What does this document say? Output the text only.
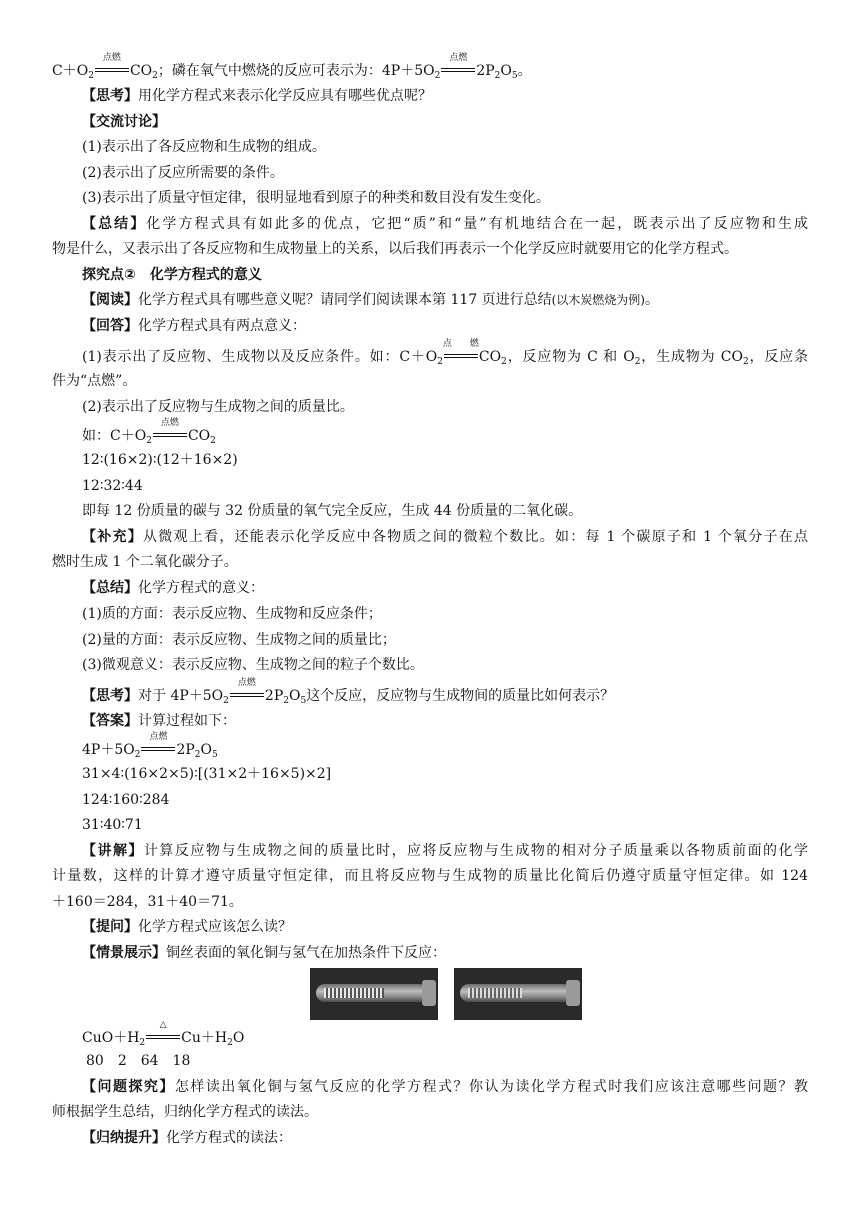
$C+O_2$
点燃
$CO_2$；磷在氧气中燃烧的反应可表示为：$4P+5O_2$
点燃
$2P_2O_5$。
【思考】用化学方程式来表示化学反应具有哪些优点呢？
【交流讨论】
(1)表示出了各反应物和生成物的组成。
(2)表示出了反应所需要的条件。
(3)表示出了质量守恒定律，很明显地看到原子的种类和数目没有发生变化。
【总结】化学方程式具有如此多的优点，它把“质”和“量”有机地结合在一起，既表示出了反应物和生成
物是什么，又表示出了各反应物和生成物量上的关系，以后我们再表示一个化学反应时就要用它的化学方程式。
探究点②　化学方程式的意义
【阅读】化学方程式具有哪些意义呢？请同学们阅读课本第 117 页进行总结(以木炭燃烧为例)。
【回答】化学方程式具有两点意义：
(1)表示出了反应物、生成物以及反应条件。如：$C+O_2$
点燃
$CO_2$，反应物为 C 和 $O_2$，生成物为 $CO_2$，反应条
件为“点燃”。
(2)表示出了反应物与生成物之间的质量比。
如：$C+O_2$
点燃
$CO_2$
12∶(16×2)∶(12＋16×2)
12∶32∶44
即每 12 份质量的碳与 32 份质量的氧气完全反应，生成 44 份质量的二氧化碳。
【补充】从微观上看，还能表示化学反应中各物质之间的微粒个数比。如：每 1 个碳原子和 1 个氧分子在点
燃时生成 1 个二氧化碳分子。
【总结】化学方程式的意义：
(1)质的方面：表示反应物、生成物和反应条件；
(2)量的方面：表示反应物、生成物之间的质量比；
(3)微观意义：表示反应物、生成物之间的粒子个数比。
【思考】对于 $4P+5O_2$
点燃
$2P_2O_5$这个反应，反应物与生成物间的质量比如何表示？
【答案】计算过程如下：
$4P+5O_2$
点燃
$2P_2O_5$
31×4∶(16×2×5)∶[(31×2＋16×5)×2]
124∶160∶284
31∶40∶71
【讲解】计算反应物与生成物之间的质量比时，应将反应物与生成物的相对分子质量乘以各物质前面的化学
计量数，这样的计算才遵守质量守恒定律，而且将反应物与生成物的质量比化简后仍遵守质量守恒定律。如 124
＋160＝284，31＋40＝71。
【提问】化学方程式应该怎么读？
【情景展示】铜丝表面的氧化铜与氢气在加热条件下反应：
$CuO+H_2$
△
$Cu+H_2O$
80　2　64　18
【问题探究】怎样读出氧化铜与氢气反应的化学方程式？你认为读化学方程式时我们应该注意哪些问题？教
师根据学生总结，归纳化学方程式的读法。
【归纳提升】化学方程式的读法：
